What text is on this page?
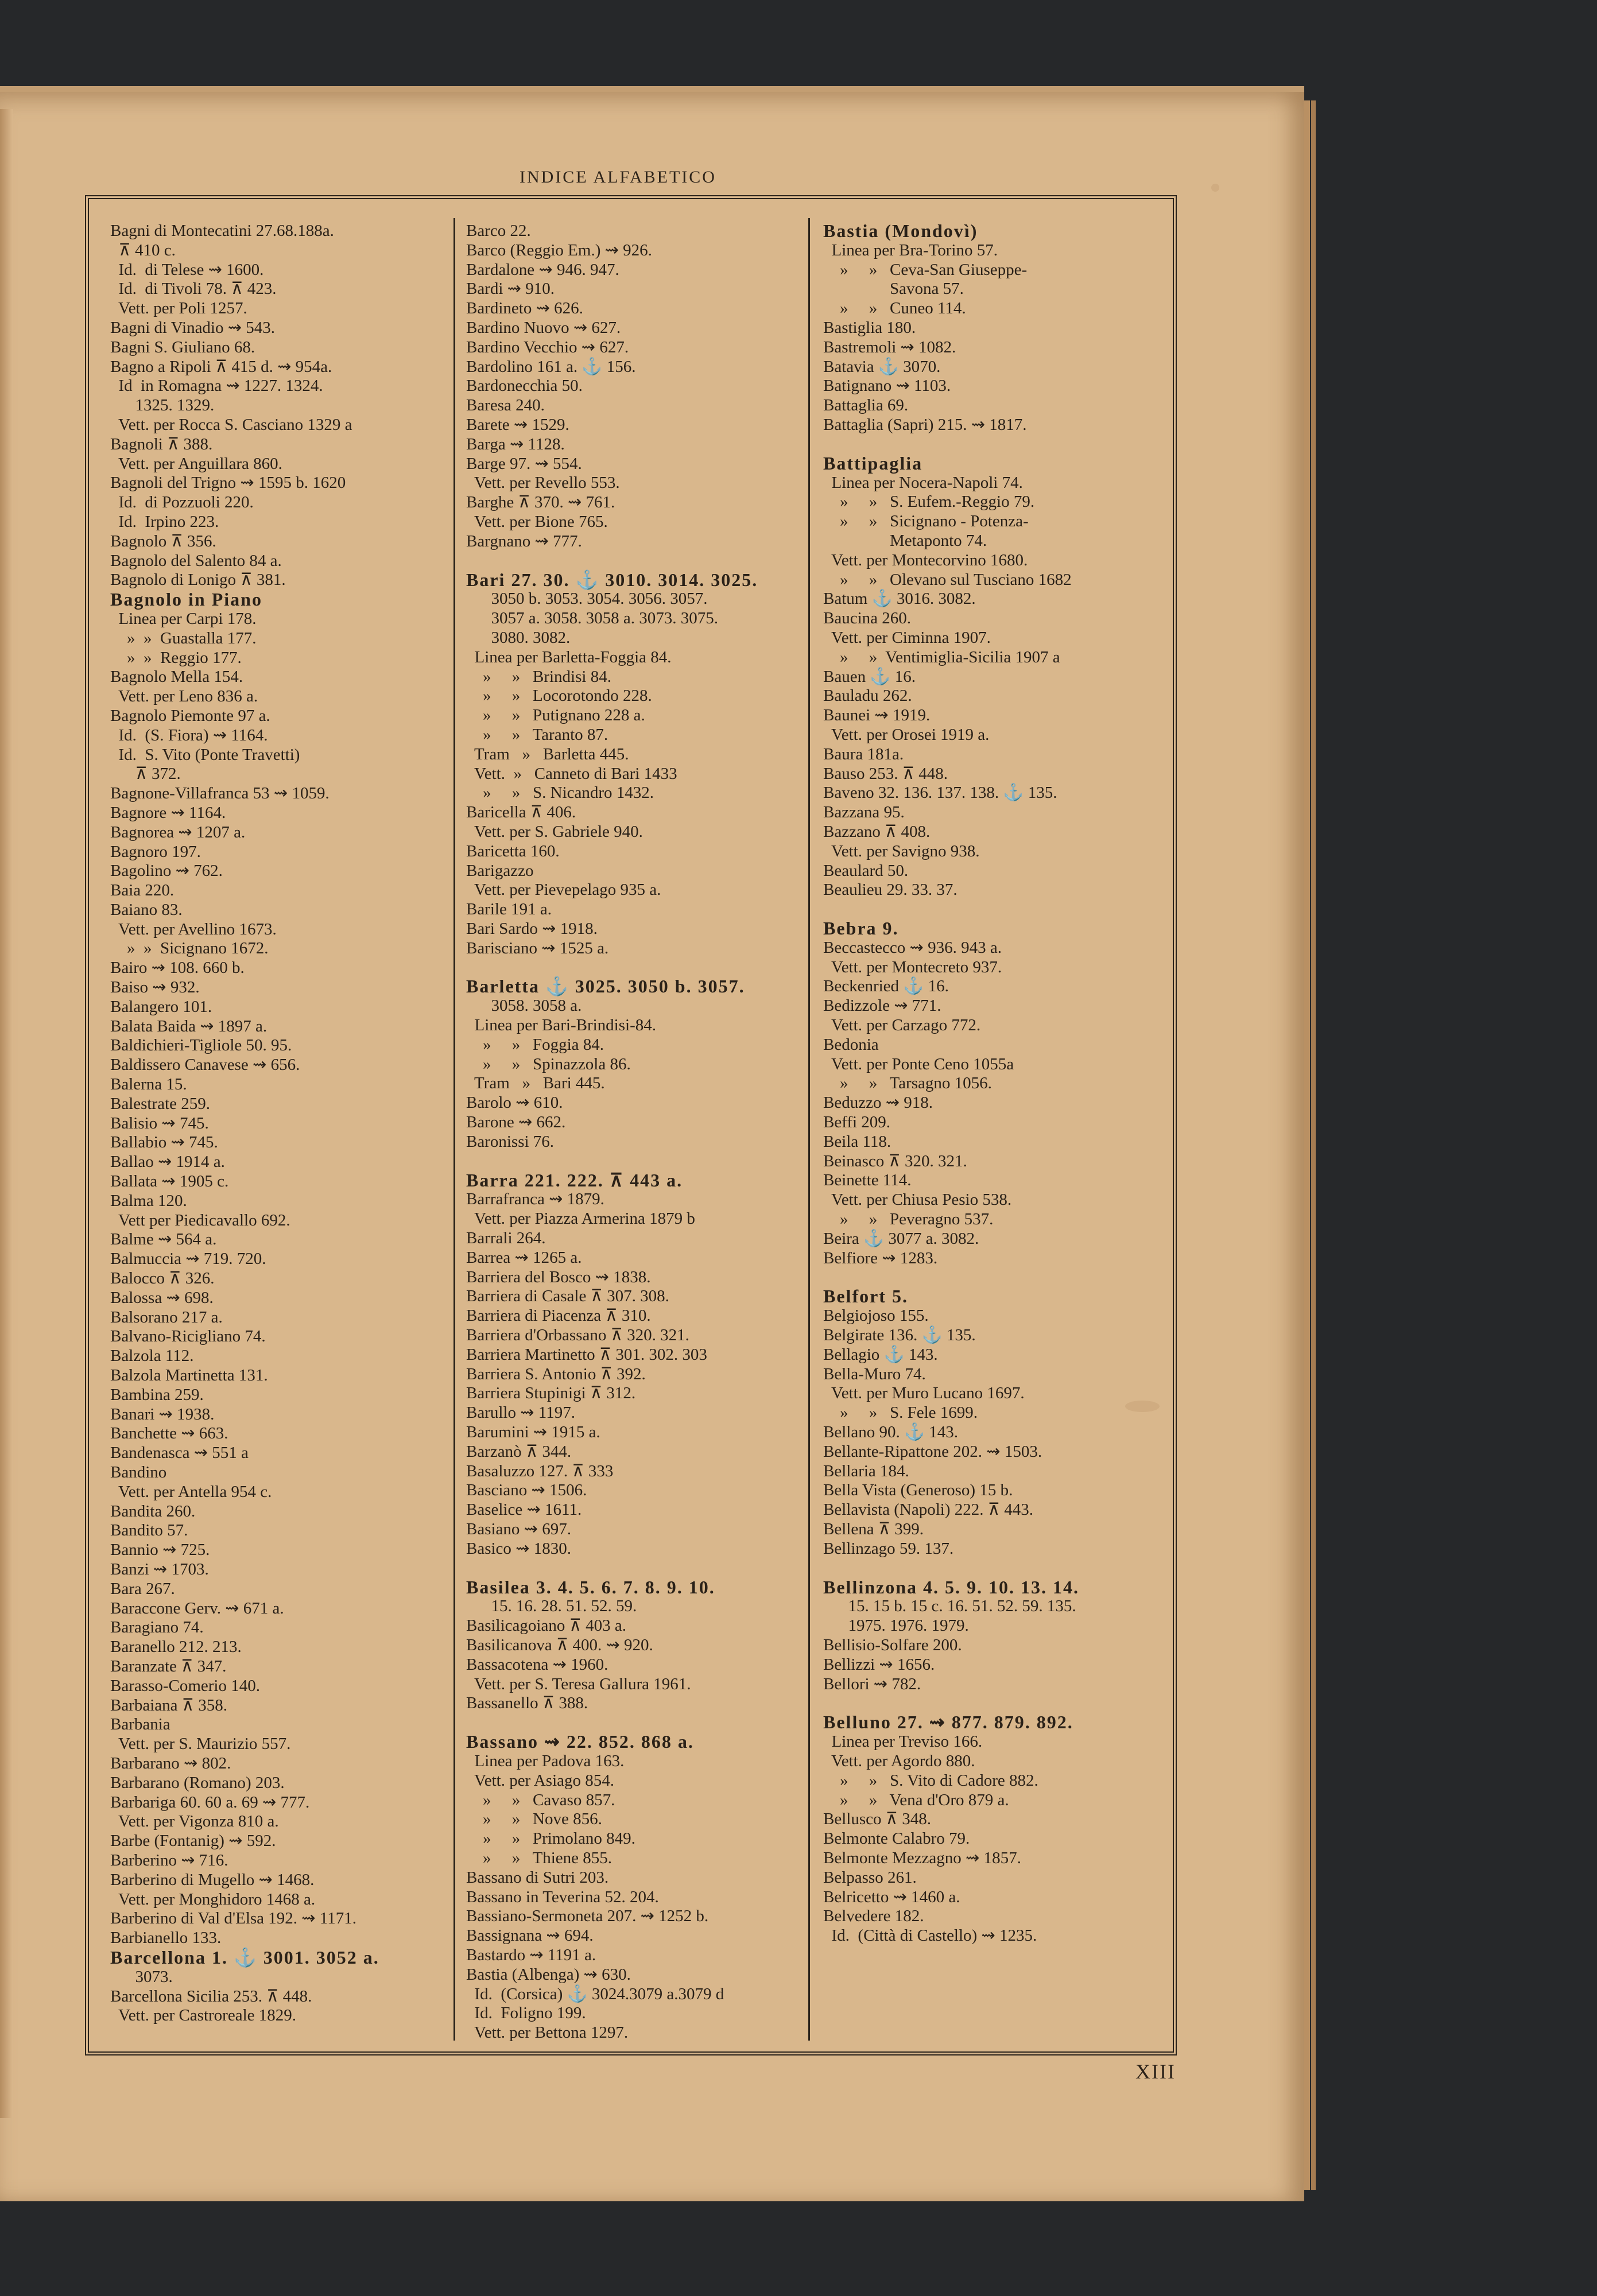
INDICE ALFABETICO
Bagni di Montecatini 27.68.188a.
⊼ 410 c.
Id.  di Telese ⇝ 1600.
Id.  di Tivoli 78. ⊼ 423.
Vett. per Poli 1257.
Bagni di Vinadio ⇝ 543.
Bagni S. Giuliano 68.
Bagno a Ripoli ⊼ 415 d. ⇝ 954a.
Id  in Romagna ⇝ 1227. 1324.
1325. 1329.
Vett. per Rocca S. Casciano 1329 a
Bagnoli ⊼ 388.
Vett. per Anguillara 860.
Bagnoli del Trigno ⇝ 1595 b. 1620
Id.  di Pozzuoli 220.
Id.  Irpino 223.
Bagnolo ⊼ 356.
Bagnolo del Salento 84 a.
Bagnolo di Lonigo ⊼ 381.
Bagnolo in Piano
Linea per Carpi 178.
»  »  Guastalla 177.
»  »  Reggio 177.
Bagnolo Mella 154.
Vett. per Leno 836 a.
Bagnolo Piemonte 97 a.
Id.  (S. Fiora) ⇝ 1164.
Id.  S. Vito (Ponte Travetti)
⊼ 372.
Bagnone-Villafranca 53 ⇝ 1059.
Bagnore ⇝ 1164.
Bagnorea ⇝ 1207 a.
Bagnoro 197.
Bagolino ⇝ 762.
Baia 220.
Baiano 83.
Vett. per Avellino 1673.
»  »  Sicignano 1672.
Bairo ⇝ 108. 660 b.
Baiso ⇝ 932.
Balangero 101.
Balata Baida ⇝ 1897 a.
Baldichieri-Tigliole 50. 95.
Baldissero Canavese ⇝ 656.
Balerna 15.
Balestrate 259.
Balisio ⇝ 745.
Ballabio ⇝ 745.
Ballao ⇝ 1914 a.
Ballata ⇝ 1905 c.
Balma 120.
Vett per Piedicavallo 692.
Balme ⇝ 564 a.
Balmuccia ⇝ 719. 720.
Balocco ⊼ 326.
Balossa ⇝ 698.
Balsorano 217 a.
Balvano-Ricigliano 74.
Balzola 112.
Balzola Martinetta 131.
Bambina 259.
Banari ⇝ 1938.
Banchette ⇝ 663.
Bandenasca ⇝ 551 a
Bandino
Vett. per Antella 954 c.
Bandita 260.
Bandito 57.
Bannio ⇝ 725.
Banzi ⇝ 1703.
Bara 267.
Baraccone Gerv. ⇝ 671 a.
Baragiano 74.
Baranello 212. 213.
Baranzate ⊼ 347.
Barasso-Comerio 140.
Barbaiana ⊼ 358.
Barbania
Vett. per S. Maurizio 557.
Barbarano ⇝ 802.
Barbarano (Romano) 203.
Barbariga 60. 60 a. 69 ⇝ 777.
Vett. per Vigonza 810 a.
Barbe (Fontanig) ⇝ 592.
Barberino ⇝ 716.
Barberino di Mugello ⇝ 1468.
Vett. per Monghidoro 1468 a.
Barberino di Val d'Elsa 192. ⇝ 1171.
Barbianello 133.
Barcellona 1. ⚓ 3001. 3052 a.
3073.
Barcellona Sicilia 253. ⊼ 448.
Vett. per Castroreale 1829.
Barco 22.
Barco (Reggio Em.) ⇝ 926.
Bardalone ⇝ 946. 947.
Bardi ⇝ 910.
Bardineto ⇝ 626.
Bardino Nuovo ⇝ 627.
Bardino Vecchio ⇝ 627.
Bardolino 161 a. ⚓ 156.
Bardonecchia 50.
Baresa 240.
Barete ⇝ 1529.
Barga ⇝ 1128.
Barge 97. ⇝ 554.
Vett. per Revello 553.
Barghe ⊼ 370. ⇝ 761.
Vett. per Bione 765.
Bargnano ⇝ 777.
Bari 27. 30. ⚓ 3010. 3014. 3025.
3050 b. 3053. 3054. 3056. 3057.
3057 a. 3058. 3058 a. 3073. 3075.
3080. 3082.
Linea per Barletta-Foggia 84.
»     »   Brindisi 84.
»     »   Locorotondo 228.
»     »   Putignano 228 a.
»     »   Taranto 87.
Tram   »   Barletta 445.
Vett.  »   Canneto di Bari 1433
»     »   S. Nicandro 1432.
Baricella ⊼ 406.
Vett. per S. Gabriele 940.
Baricetta 160.
Barigazzo
Vett. per Pievepelago 935 a.
Barile 191 a.
Bari Sardo ⇝ 1918.
Barisciano ⇝ 1525 a.
Barletta ⚓ 3025. 3050 b. 3057.
3058. 3058 a.
Linea per Bari-Brindisi-84.
»     »   Foggia 84.
»     »   Spinazzola 86.
Tram   »   Bari 445.
Barolo ⇝ 610.
Barone ⇝ 662.
Baronissi 76.
Barra 221. 222. ⊼ 443 a.
Barrafranca ⇝ 1879.
Vett. per Piazza Armerina 1879 b
Barrali 264.
Barrea ⇝ 1265 a.
Barriera del Bosco ⇝ 1838.
Barriera di Casale ⊼ 307. 308.
Barriera di Piacenza ⊼ 310.
Barriera d'Orbassano ⊼ 320. 321.
Barriera Martinetto ⊼ 301. 302. 303
Barriera S. Antonio ⊼ 392.
Barriera Stupinigi ⊼ 312.
Barullo ⇝ 1197.
Barumini ⇝ 1915 a.
Barzanò ⊼ 344.
Basaluzzo 127. ⊼ 333
Basciano ⇝ 1506.
Baselice ⇝ 1611.
Basiano ⇝ 697.
Basico ⇝ 1830.
Basilea 3. 4. 5. 6. 7. 8. 9. 10.
15. 16. 28. 51. 52. 59.
Basilicagoiano ⊼ 403 a.
Basilicanova ⊼ 400. ⇝ 920.
Bassacotena ⇝ 1960.
Vett. per S. Teresa Gallura 1961.
Bassanello ⊼ 388.
Bassano ⇝ 22. 852. 868 a.
Linea per Padova 163.
Vett. per Asiago 854.
»     »   Cavaso 857.
»     »   Nove 856.
»     »   Primolano 849.
»     »   Thiene 855.
Bassano di Sutri 203.
Bassano in Teverina 52. 204.
Bassiano-Sermoneta 207. ⇝ 1252 b.
Bassignana ⇝ 694.
Bastardo ⇝ 1191 a.
Bastia (Albenga) ⇝ 630.
Id.  (Corsica) ⚓ 3024.3079 a.3079 d
Id.  Foligno 199.
Vett. per Bettona 1297.
Bastia (Mondovì)
Linea per Bra-Torino 57.
»     »   Ceva-San Giuseppe-
Savona 57.
»     »   Cuneo 114.
Bastiglia 180.
Bastremoli ⇝ 1082.
Batavia ⚓ 3070.
Batignano ⇝ 1103.
Battaglia 69.
Battaglia (Sapri) 215. ⇝ 1817.
Battipaglia
Linea per Nocera-Napoli 74.
»     »   S. Eufem.-Reggio 79.
»     »   Sicignano - Potenza-
Metaponto 74.
Vett. per Montecorvino 1680.
»     »   Olevano sul Tusciano 1682
Batum ⚓ 3016. 3082.
Baucina 260.
Vett. per Ciminna 1907.
»     »  Ventimiglia-Sicilia 1907 a
Bauen ⚓ 16.
Bauladu 262.
Baunei ⇝ 1919.
Vett. per Orosei 1919 a.
Baura 181a.
Bauso 253. ⊼ 448.
Baveno 32. 136. 137. 138. ⚓ 135.
Bazzana 95.
Bazzano ⊼ 408.
Vett. per Savigno 938.
Beaulard 50.
Beaulieu 29. 33. 37.
Bebra 9.
Beccastecco ⇝ 936. 943 a.
Vett. per Montecreto 937.
Beckenried ⚓ 16.
Bedizzole ⇝ 771.
Vett. per Carzago 772.
Bedonia
Vett. per Ponte Ceno 1055a
»     »   Tarsagno 1056.
Beduzzo ⇝ 918.
Beffi 209.
Beila 118.
Beinasco ⊼ 320. 321.
Beinette 114.
Vett. per Chiusa Pesio 538.
»     »   Peveragno 537.
Beira ⚓ 3077 a. 3082.
Belfiore ⇝ 1283.
Belfort 5.
Belgiojoso 155.
Belgirate 136. ⚓ 135.
Bellagio ⚓ 143.
Bella-Muro 74.
Vett. per Muro Lucano 1697.
»     »   S. Fele 1699.
Bellano 90. ⚓ 143.
Bellante-Ripattone 202. ⇝ 1503.
Bellaria 184.
Bella Vista (Generoso) 15 b.
Bellavista (Napoli) 222. ⊼ 443.
Bellena ⊼ 399.
Bellinzago 59. 137.
Bellinzona 4. 5. 9. 10. 13. 14.
15. 15 b. 15 c. 16. 51. 52. 59. 135.
1975. 1976. 1979.
Bellisio-Solfare 200.
Bellizzi ⇝ 1656.
Bellori ⇝ 782.
Belluno 27. ⇝ 877. 879. 892.
Linea per Treviso 166.
Vett. per Agordo 880.
»     »   S. Vito di Cadore 882.
»     »   Vena d'Oro 879 a.
Bellusco ⊼ 348.
Belmonte Calabro 79.
Belmonte Mezzagno ⇝ 1857.
Belpasso 261.
Belricetto ⇝ 1460 a.
Belvedere 182.
Id.  (Città di Castello) ⇝ 1235.
XIII
